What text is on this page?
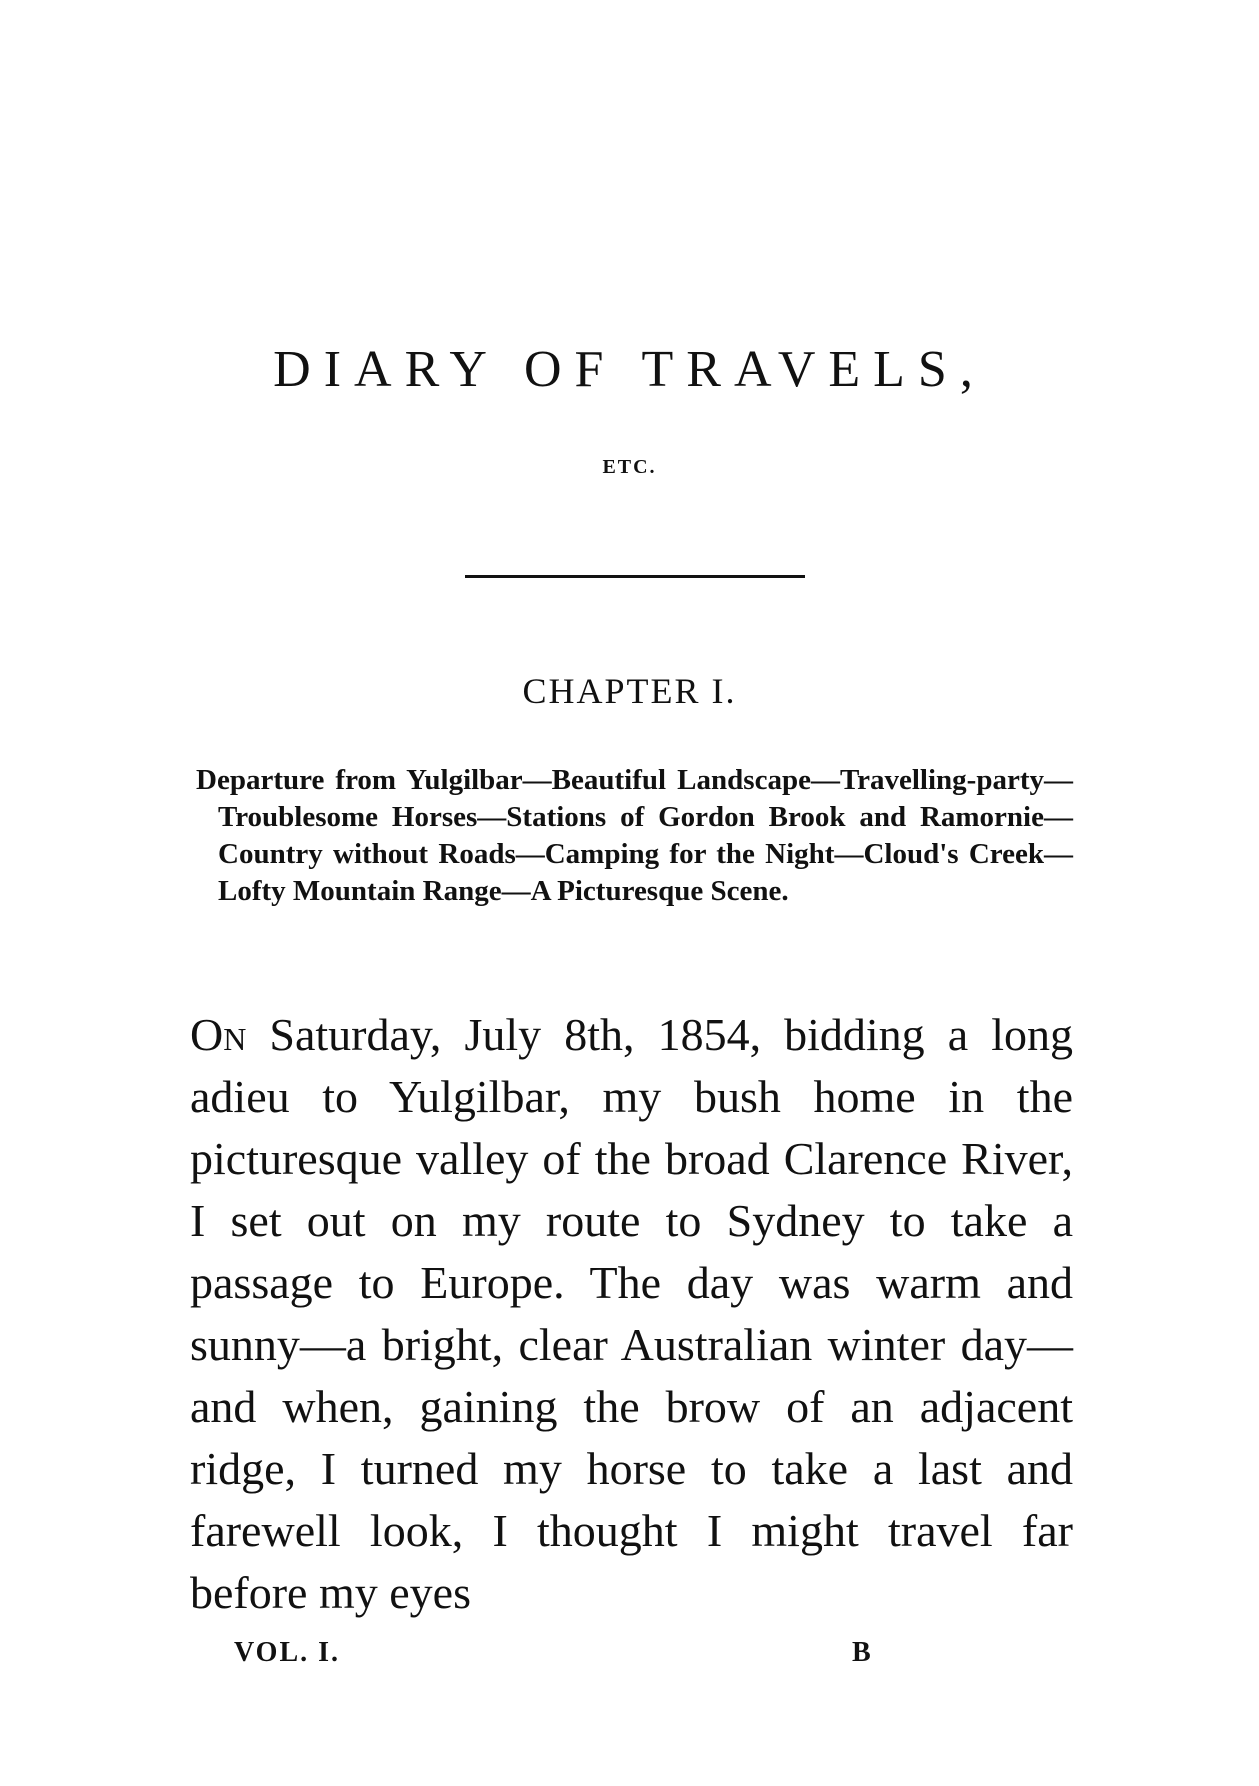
DIARY OF TRAVELS,

ETC.

CHAPTER I.

Departure from Yulgilbar—Beautiful Landscape—Travelling-party—Troublesome Horses—Stations of Gordon Brook and Ramornie—Country without Roads—Camping for the Night—Cloud's Creek—Lofty Mountain Range—A Picturesque Scene.

On Saturday, July 8th, 1854, bidding a long adieu to Yulgilbar, my bush home in the picturesque valley of the broad Clarence River, I set out on my route to Sydney to take a passage to Europe. The day was warm and sunny—a bright, clear Australian winter day—and when, gaining the brow of an adjacent ridge, I turned my horse to take a last and farewell look, I thought I might travel far before my eyes

VOL. I.	B
